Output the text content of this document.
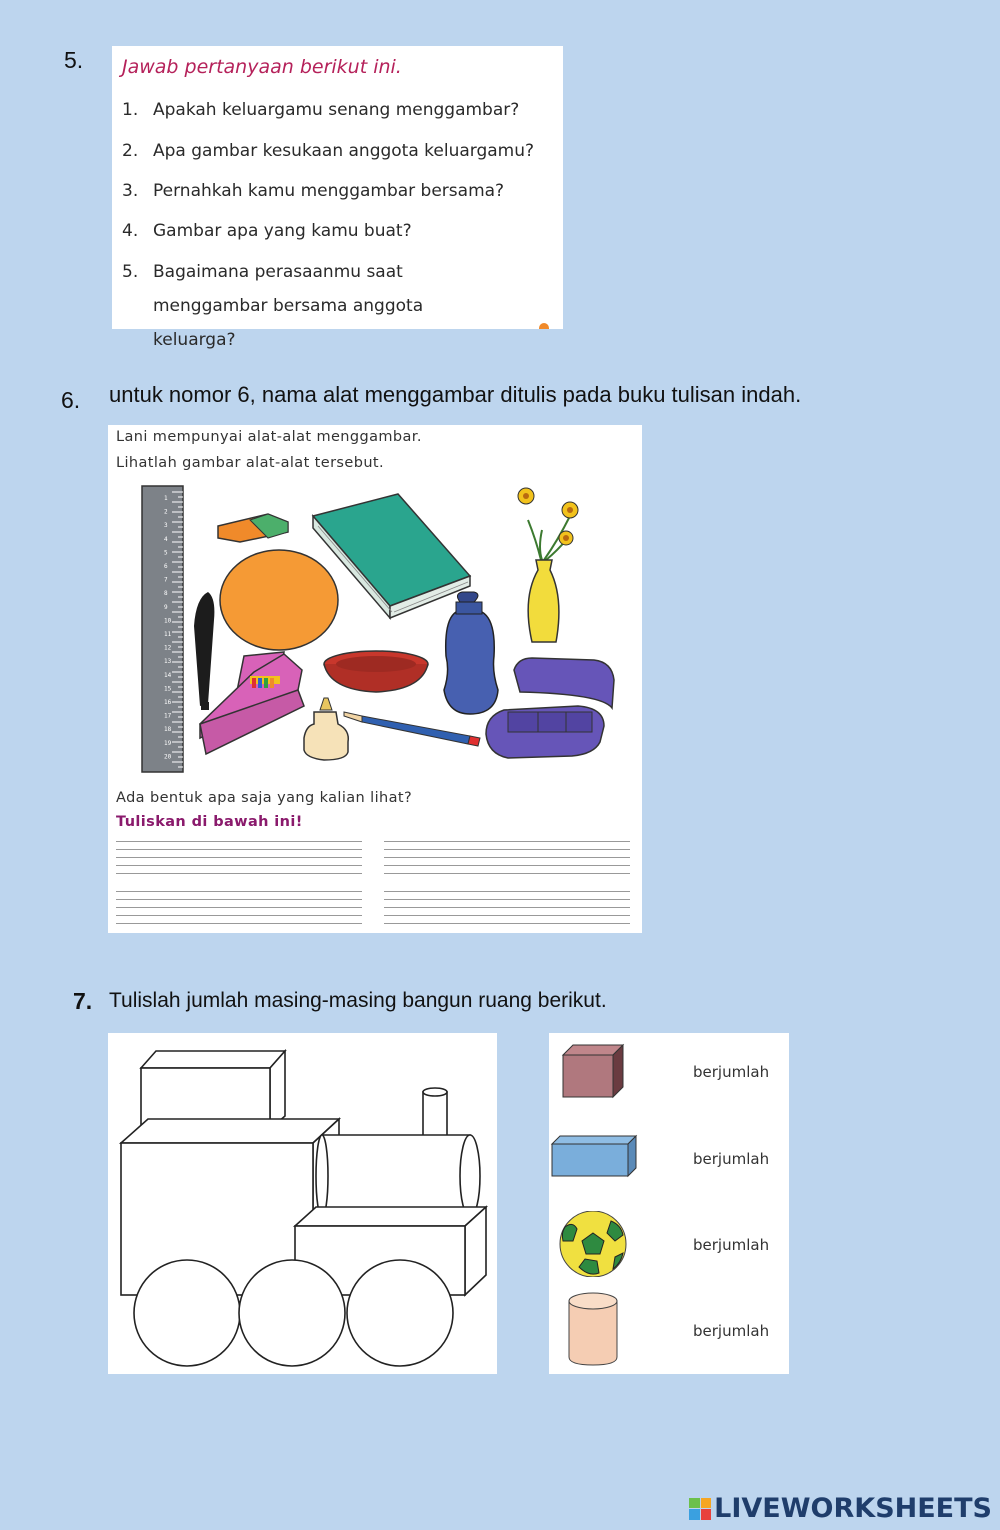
5. Jawab pertanyaan berikut ini.
1. Apakah keluargamu senang menggambar?
2. Apa gambar kesukaan anggota keluargamu?
3. Pernahkah kamu menggambar bersama?
4. Gambar apa yang kamu buat?
5. Bagaimana perasaanmu saat menggambar bersama anggota keluarga?
6. untuk nomor 6, nama alat menggambar ditulis pada buku tulisan indah.
Lani mempunyai alat-alat menggambar.
Lihatlah gambar alat-alat tersebut.
1
2
3
4
5
6
7
8
9
10
11
12
13
14
15
16
17
18
19
20
Ada bentuk apa saja yang kalian lihat?
Tuliskan di bawah ini!
7. Tulislah jumlah masing-masing bangun ruang berikut.
berjumlah
berjumlah
berjumlah
berjumlah
LIVEWORKSHEETS
